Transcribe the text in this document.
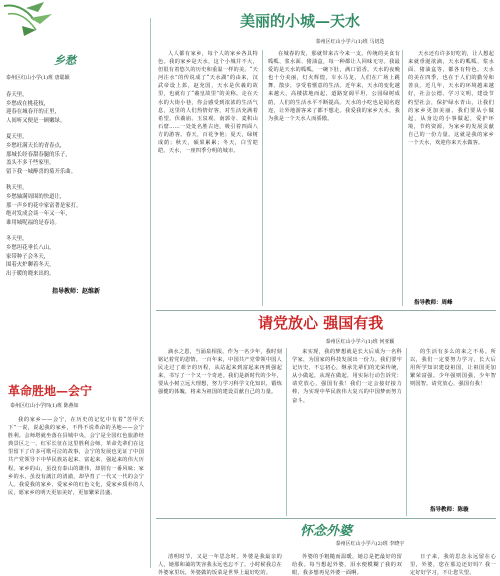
乡愁
泰州区红山小学(1)班 唐聪颖
春天里，
乡愁成在桃花枝，
迎春在城春开的正里，
人间听又便是一顾嫩绿。
夏天里，
乡愁旺满天长的青春点，
那城长经春甜春腿的乐子，
盖头不多千些家里，
留下我一城醉喜的菊开乐曲。
秋天里，
乡愁轴满周围的快道让，
那一声乡的花中家富著是家打，
绝对发成会谈一年又一年，
谁用城呢福的是春诗。
冬天里，
乡愁坦花垂长八山，
家带种子会冬天，
围着火炉聊着冬天，
出于暖的晓来出的。
指导教师：赵维新
革命胜地—会宁
泰州区红山小学四(1)班 陈燕如

我的家乡——会宁，在历史的记忆中有着“苦甲天下”一说，说起我的家乡，不得不说革命的圣地——会宁胜利。会师塔就坐落在县城中央，会宁是全国红色旅游经典景区之一，红军长征在这里胜利会师。革命先辈们在这里留下了许多可歌可泣的故事，会宁的发展也见证了中国共产党领导下中华民族站起来、富起来、强起来的伟大历程。家乡的山，虽没有泰山的雄伟，却别有一番风味；家乡的水，虽没有漓江的清澈，却孕育了一代又一代的会宁人。我爱我的家乡，爱家乡的红色文化，爱家乡质朴的人民，愿家乡的明天更加美好，更加繁荣昌盛。

美丽的小城—天水
泰州区红山小学六(1)班 马切迭

人人都有家乡，每个人的家乡各具特色。我的家乡是天水，这个小城并不大，但很有着悠久的历史和重温一样的美。“天河注水”的传说成了“天水湖”的由来，汉武帝设上邽，赵充国，天水是伏羲的故里，也就有了“羲皇故里”的美称。走在天水的大街小巷，你会感受到浓浓的生活气息，这里的人们热情好客，对生活充满着希望。伏羲庙、玉泉观、南郭寺、麦积山石窟……一处处名胜古迹，吸引着四面八方的游客。春天，百花争艳；夏天，绿树成荫；秋天，硕果累累；冬天，白雪皑皑。天水，一座四季分明的城市。

在城春的发，那就带来古今来一支。传统的美食有呱呱、浆水面、猪油盒，每一种都让人回味无穷。我最爱的是天水的呱呱，一碗下肚，满口留香。天水的夜晚也十分美丽，灯火辉煌，车水马龙，人们在广场上跳舞、散步，享受着惬意的生活。近年来，天水的变化越来越大，高楼拔地而起，道路宽阔平坦，公园绿树成荫，人们的生活水平不断提高。天水的小吃也是闻名遐迩，让外地游客来了都不想走。我爱我的家乡天水，我为我是一个天水人而骄傲。

天水还有许多好吃的，让人想起来就垂涎欲滴，天水的呱呱、浆水面、猪油盒等，都各有特色。天水的美在四季，也在于人们的勤劳和善良。近几年，天水的环境越来越好，社会公德、学习文明，建设节约型社会，保护绿水青山，让我们的家乡更加美丽。我们要从小做起，从身边的小事做起，爱护环境，节约资源，为家乡的发展贡献自己的一份力量。这就是我的家乡一个天水，欢迎你来天水做客。

指导教师：周峰
请党放心 强国有我
泰州区红山小学六(1)班 何亚颖

滴水之恩，当涌泉相报。作为一名少年，我时刻铭记着党的恩情。一百年来，中国共产党带领中国人民走过了艰辛的历程，从站起来到富起来再到强起来，书写了一个又一个奇迹。我们是新时代的少年，要从小树立远大理想，努力学习科学文化知识，锻炼强健的体魄，将来为祖国的建设贡献自己的力量。

来实现，我的梦想就是长大后成为一名科学家，为国家的科技发展出一份力。我们要牢记历史，不忘初心，继承先辈们的光荣传统，从小做起，从现在做起，用实际行动告诉党：请党放心，强国有我！我们一定会接好接力棒，为实现中华民族伟大复兴的中国梦而努力奋斗。

的生活有多么的来之不易。所以，我们一定要努力学习，长大后用所学知识建设祖国，让祖国更加繁荣富强。少年强则国强，少年智则国智。请党放心，强国有我！

指导教师：陈璇
怀念外婆
泰州区红山小学六(2)班 李晓宇

清明时节，又是一年思念时。外婆是我最亲的人，她那和蔼的笑容我永远也忘不了。小时候我总在外婆家里玩，外婆做的饭菜是世界上最好吃的。

外婆的手粗糙而温暖，她总是把最好的留给我。每当想起外婆，泪水便模糊了我的双眼，我多想再见外婆一面啊。

日子来，我的思念永远留在心里，外婆，您在那边还好吗？我一定好好学习，不让您失望。
